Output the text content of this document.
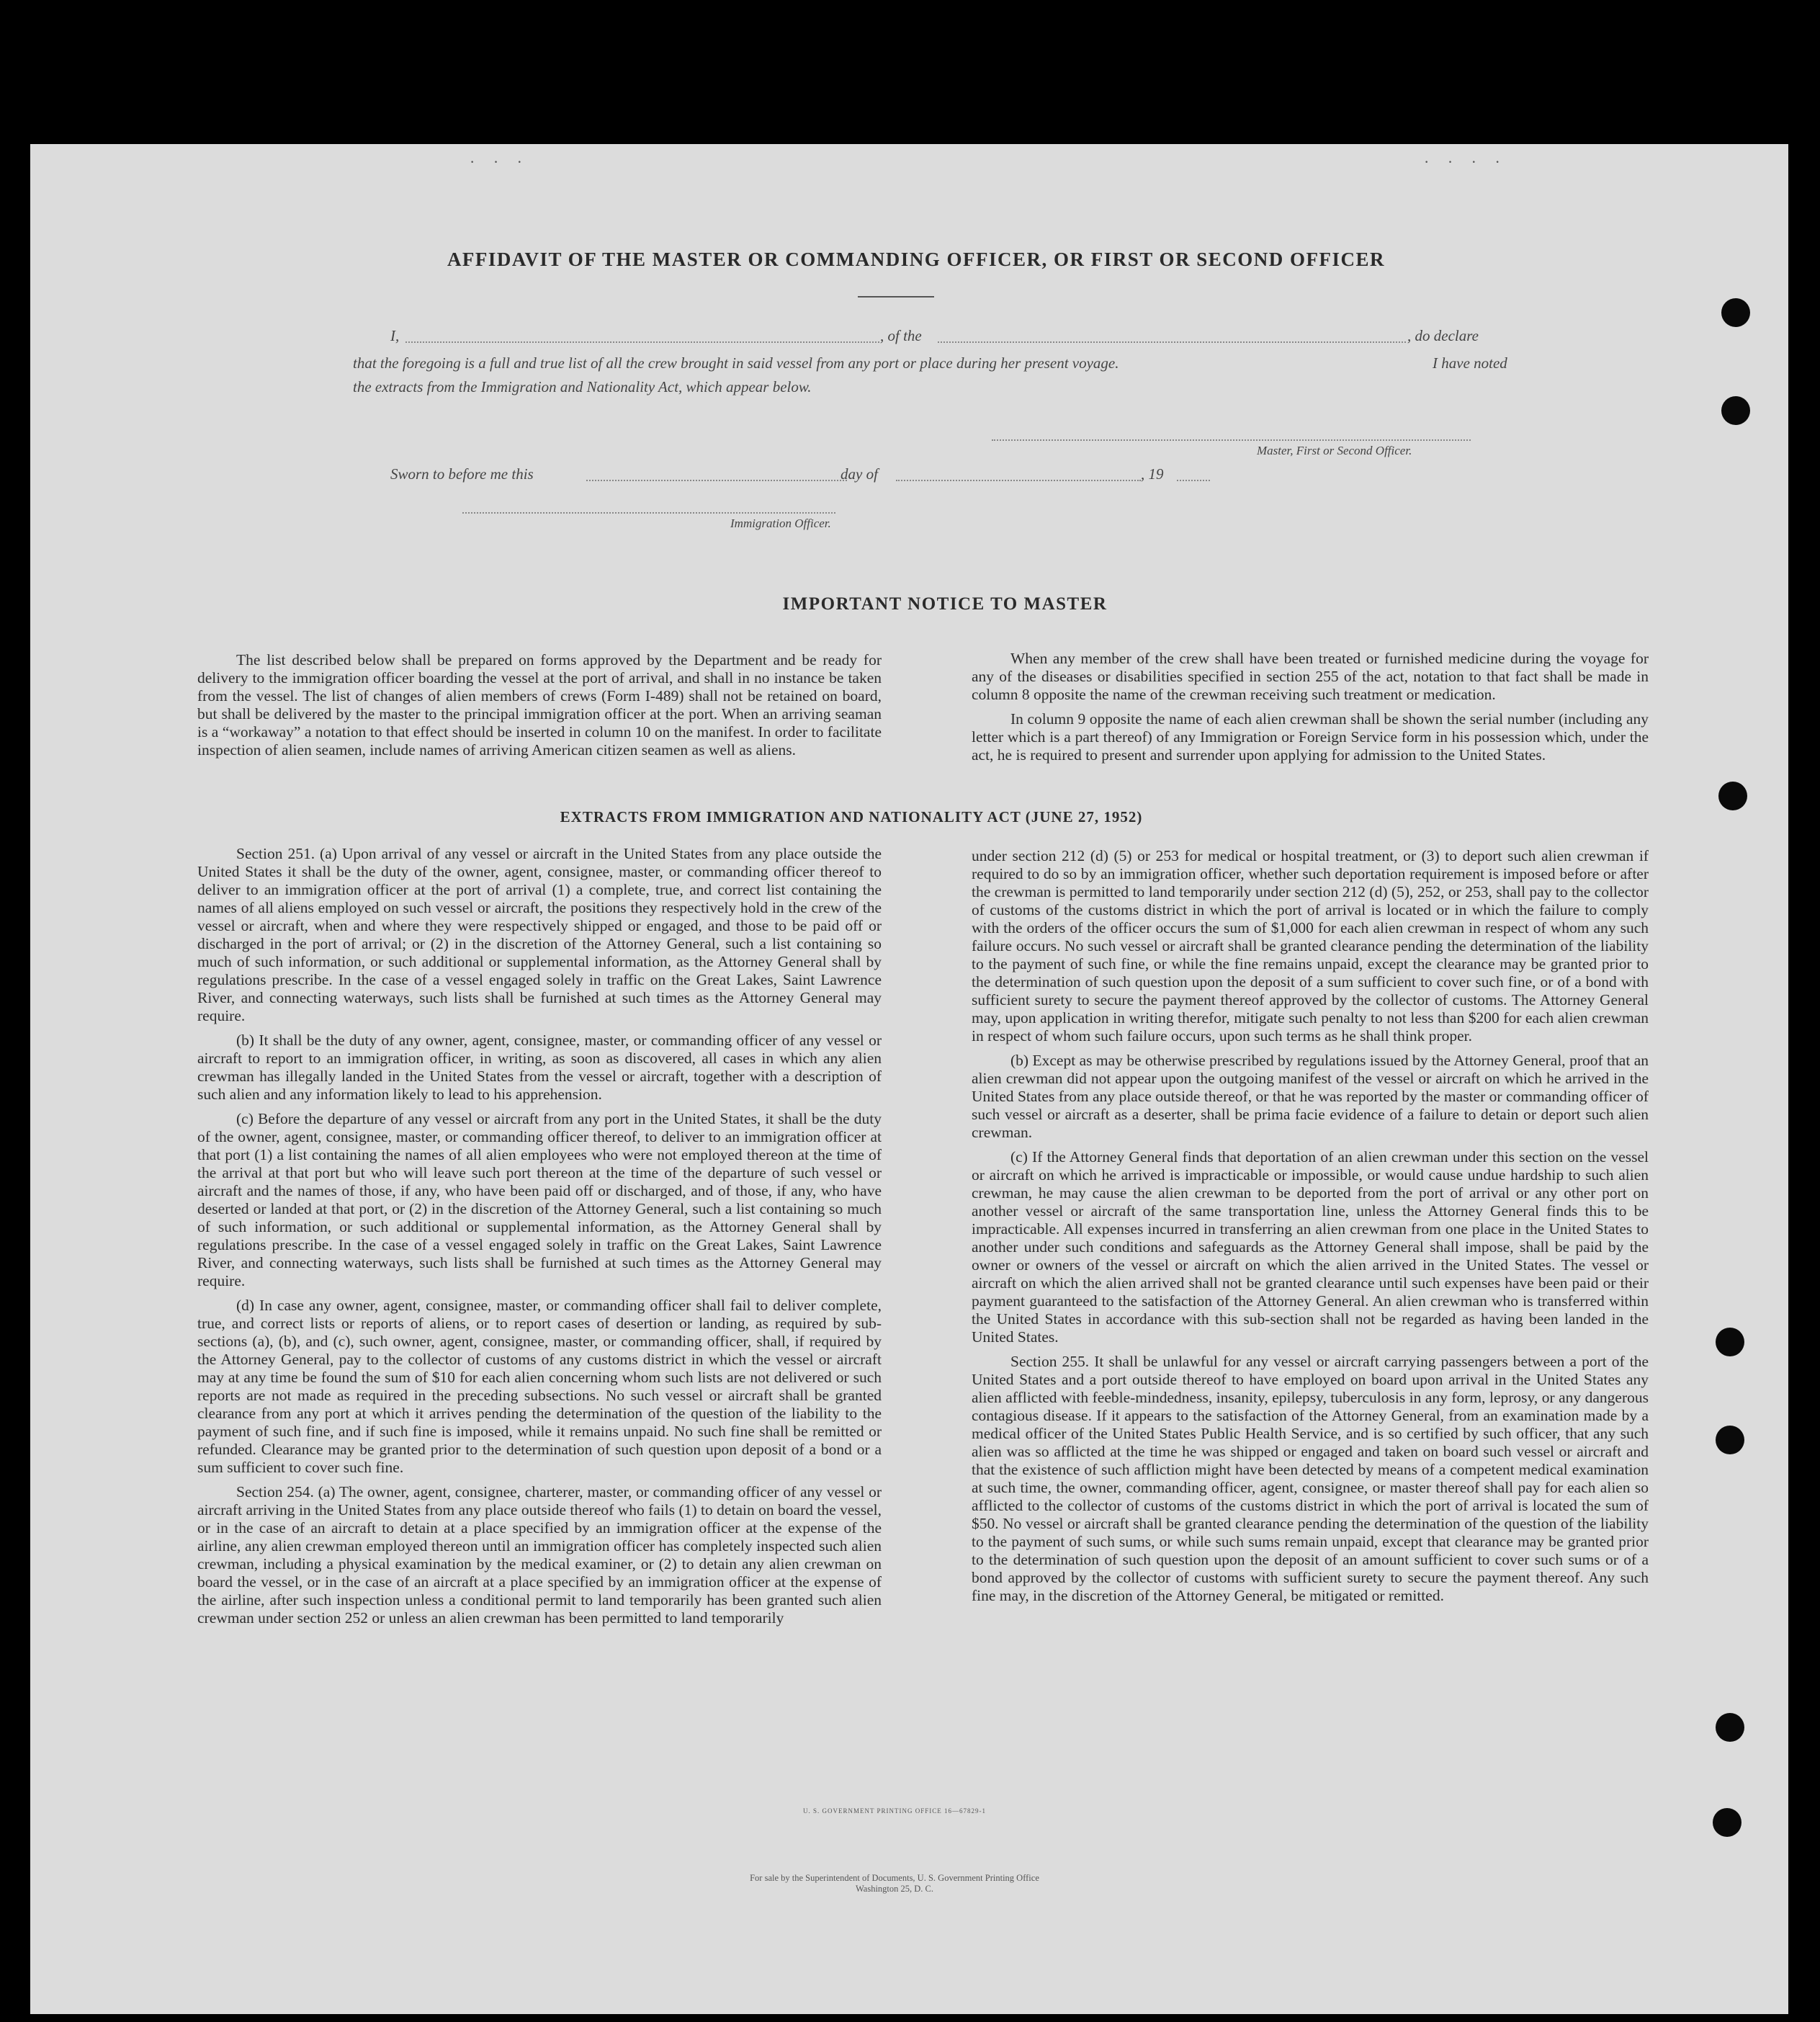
· · ·	· · · ·
AFFIDAVIT OF THE MASTER OR COMMANDING OFFICER, OR FIRST OR SECOND OFFICER
I,	, of the	, do declare
that the foregoing is a full and true list of all the crew brought in said vessel from any port or place during her present voyage.	I have noted
the extracts from the Immigration and Nationality Act, which appear below.
Master, First or Second Officer.
Sworn to before me this	day of	, 19
Immigration Officer.
IMPORTANT NOTICE TO MASTER

The list described below shall be prepared on forms approved by the Department and be ready for delivery to the immigration officer boarding the vessel at the port of arrival, and shall in no instance be taken from the vessel. The list of changes of alien members of crews (Form I-489) shall not be retained on board, but shall be delivered by the master to the principal immigration officer at the port. When an arriving seaman is a “workaway” a notation to that effect should be inserted in column 10 on the manifest. In order to facilitate inspection of alien seamen, include names of arriving American citizen seamen as well as aliens.

When any member of the crew shall have been treated or furnished medicine during the voyage for any of the diseases or disabilities specified in section 255 of the act, notation to that fact shall be made in column 8 opposite the name of the crewman receiving such treatment or medication.

In column 9 opposite the name of each alien crewman shall be shown the serial number (including any letter which is a part thereof) of any Immigration or Foreign Service form in his possession which, under the act, he is required to present and surrender upon applying for admission to the United States.

EXTRACTS FROM IMMIGRATION AND NATIONALITY ACT (JUNE 27, 1952)

Section 251. (a) Upon arrival of any vessel or aircraft in the United States from any place outside the United States it shall be the duty of the owner, agent, consignee, master, or commanding officer thereof to deliver to an immigration officer at the port of arrival (1) a complete, true, and correct list containing the names of all aliens employed on such vessel or aircraft, the positions they respectively hold in the crew of the vessel or aircraft, when and where they were respectively shipped or engaged, and those to be paid off or discharged in the port of arrival; or (2) in the discretion of the Attorney General, such a list containing so much of such information, or such additional or supplemental information, as the Attorney General shall by regulations prescribe. In the case of a vessel engaged solely in traffic on the Great Lakes, Saint Lawrence River, and connecting waterways, such lists shall be furnished at such times as the Attorney General may require.

(b) It shall be the duty of any owner, agent, consignee, master, or commanding officer of any vessel or aircraft to report to an immigration officer, in writing, as soon as discovered, all cases in which any alien crewman has illegally landed in the United States from the vessel or aircraft, together with a description of such alien and any information likely to lead to his apprehension.

(c) Before the departure of any vessel or aircraft from any port in the United States, it shall be the duty of the owner, agent, consignee, master, or commanding officer thereof, to deliver to an immigration officer at that port (1) a list containing the names of all alien employees who were not employed thereon at the time of the arrival at that port but who will leave such port thereon at the time of the departure of such vessel or aircraft and the names of those, if any, who have been paid off or discharged, and of those, if any, who have deserted or landed at that port, or (2) in the discretion of the Attorney General, such a list containing so much of such information, or such additional or supplemental information, as the Attorney General shall by regulations prescribe. In the case of a vessel engaged solely in traffic on the Great Lakes, Saint Lawrence River, and connecting waterways, such lists shall be furnished at such times as the Attorney General may require.

(d) In case any owner, agent, consignee, master, or commanding officer shall fail to deliver complete, true, and correct lists or reports of aliens, or to report cases of desertion or landing, as required by sub-sections (a), (b), and (c), such owner, agent, consignee, master, or commanding officer, shall, if required by the Attorney General, pay to the collector of customs of any customs district in which the vessel or aircraft may at any time be found the sum of $10 for each alien concerning whom such lists are not delivered or such reports are not made as required in the preceding subsections. No such vessel or aircraft shall be granted clearance from any port at which it arrives pending the determination of the question of the liability to the payment of such fine, and if such fine is imposed, while it remains unpaid. No such fine shall be remitted or refunded. Clearance may be granted prior to the determination of such question upon deposit of a bond or a sum sufficient to cover such fine.

Section 254. (a) The owner, agent, consignee, charterer, master, or commanding officer of any vessel or aircraft arriving in the United States from any place outside thereof who fails (1) to detain on board the vessel, or in the case of an aircraft to detain at a place specified by an immigration officer at the expense of the airline, any alien crewman employed thereon until an immigration officer has completely inspected such alien crewman, including a physical examination by the medical examiner, or (2) to detain any alien crewman on board the vessel, or in the case of an aircraft at a place specified by an immigration officer at the expense of the airline, after such inspection unless a conditional permit to land temporarily has been granted such alien crewman under section 252 or unless an alien crewman has been permitted to land temporarily

under section 212 (d) (5) or 253 for medical or hospital treatment, or (3) to deport such alien crewman if required to do so by an immigration officer, whether such deportation requirement is imposed before or after the crewman is permitted to land temporarily under section 212 (d) (5), 252, or 253, shall pay to the collector of customs of the customs district in which the port of arrival is located or in which the failure to comply with the orders of the officer occurs the sum of $1,000 for each alien crewman in respect of whom any such failure occurs. No such vessel or aircraft shall be granted clearance pending the determination of the liability to the payment of such fine, or while the fine remains unpaid, except the clearance may be granted prior to the determination of such question upon the deposit of a sum sufficient to cover such fine, or of a bond with sufficient surety to secure the payment thereof approved by the collector of customs. The Attorney General may, upon application in writing therefor, mitigate such penalty to not less than $200 for each alien crewman in respect of whom such failure occurs, upon such terms as he shall think proper.

(b) Except as may be otherwise prescribed by regulations issued by the Attorney General, proof that an alien crewman did not appear upon the outgoing manifest of the vessel or aircraft on which he arrived in the United States from any place outside thereof, or that he was reported by the master or commanding officer of such vessel or aircraft as a deserter, shall be prima facie evidence of a failure to detain or deport such alien crewman.

(c) If the Attorney General finds that deportation of an alien crewman under this section on the vessel or aircraft on which he arrived is impracticable or impossible, or would cause undue hardship to such alien crewman, he may cause the alien crewman to be deported from the port of arrival or any other port on another vessel or aircraft of the same transportation line, unless the Attorney General finds this to be impracticable. All expenses incurred in transferring an alien crewman from one place in the United States to another under such conditions and safeguards as the Attorney General shall impose, shall be paid by the owner or owners of the vessel or aircraft on which the alien arrived in the United States. The vessel or aircraft on which the alien arrived shall not be granted clearance until such expenses have been paid or their payment guaranteed to the satisfaction of the Attorney General. An alien crewman who is transferred within the United States in accordance with this sub-section shall not be regarded as having been landed in the United States.

Section 255. It shall be unlawful for any vessel or aircraft carrying passengers between a port of the United States and a port outside thereof to have employed on board upon arrival in the United States any alien afflicted with feeble-mindedness, insanity, epilepsy, tuberculosis in any form, leprosy, or any dangerous contagious disease. If it appears to the satisfaction of the Attorney General, from an examination made by a medical officer of the United States Public Health Service, and is so certified by such officer, that any such alien was so afflicted at the time he was shipped or engaged and taken on board such vessel or aircraft and that the existence of such affliction might have been detected by means of a competent medical examination at such time, the owner, commanding officer, agent, consignee, or master thereof shall pay for each alien so afflicted to the collector of customs of the customs district in which the port of arrival is located the sum of $50. No vessel or aircraft shall be granted clearance pending the determination of the question of the liability to the payment of such sums, or while such sums remain unpaid, except that clearance may be granted prior to the determination of such question upon the deposit of an amount sufficient to cover such sums or of a bond approved by the collector of customs with sufficient surety to secure the payment thereof. Any such fine may, in the discretion of the Attorney General, be mitigated or remitted.

U. S. GOVERNMENT PRINTING OFFICE 16—67829-1
For sale by the Superintendent of Documents, U. S. Government Printing Office
Washington 25, D. C.
